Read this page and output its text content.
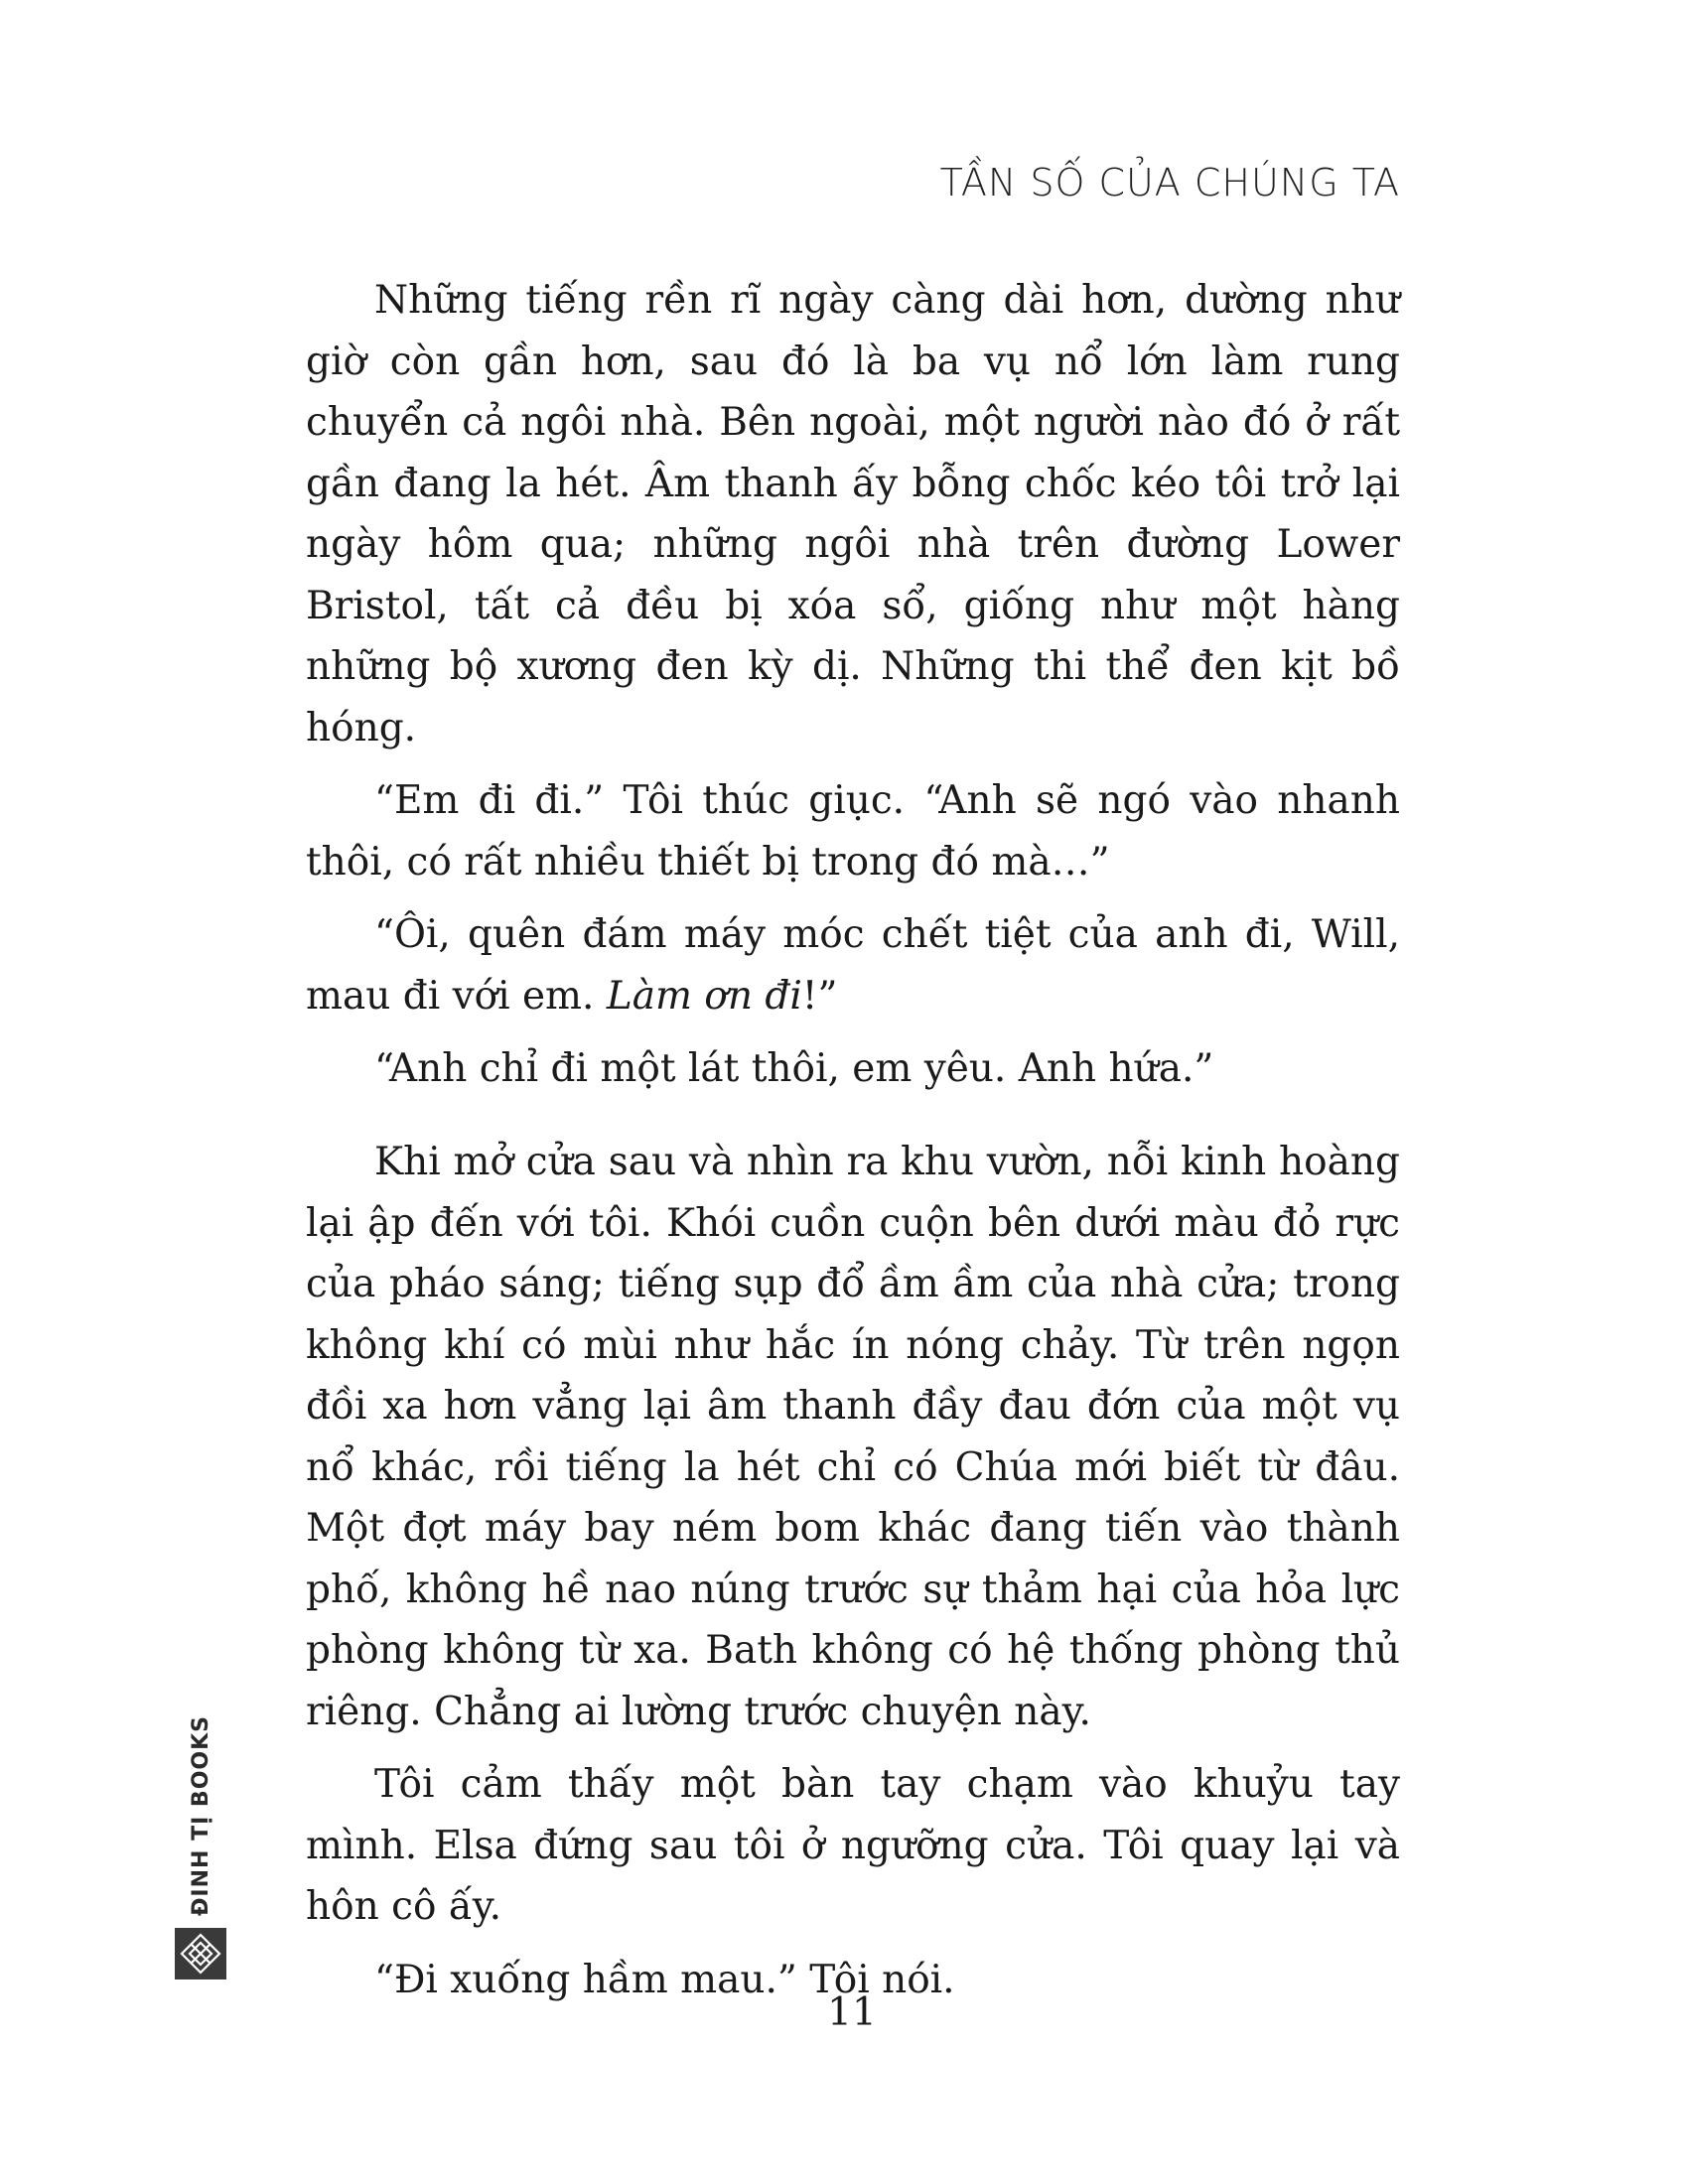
TẦN SỐ CỦA CHÚNG TA

Những tiếng rền rĩ ngày càng dài hơn, dường như giờ còn gần hơn, sau đó là ba vụ nổ lớn làm rung chuyển cả ngôi nhà. Bên ngoài, một người nào đó ở rất gần đang la hét. Âm thanh ấy bỗng chốc kéo tôi trở lại ngày hôm qua; những ngôi nhà trên đường Lower Bristol, tất cả đều bị xóa sổ, giống như một hàng những bộ xương đen kỳ dị. Những thi thể đen kịt bồ hóng.

“Em đi đi.” Tôi thúc giục. “Anh sẽ ngó vào nhanh thôi, có rất nhiều thiết bị trong đó mà…”

“Ôi, quên đám máy móc chết tiệt của anh đi, Will, mau đi với em. Làm ơn đi!”

“Anh chỉ đi một lát thôi, em yêu. Anh hứa.”

Khi mở cửa sau và nhìn ra khu vườn, nỗi kinh hoàng lại ập đến với tôi. Khói cuồn cuộn bên dưới màu đỏ rực của pháo sáng; tiếng sụp đổ ầm ầm của nhà cửa; trong không khí có mùi như hắc ín nóng chảy. Từ trên ngọn đồi xa hơn vẳng lại âm thanh đầy đau đớn của một vụ nổ khác, rồi tiếng la hét chỉ có Chúa mới biết từ đâu. Một đợt máy bay ném bom khác đang tiến vào thành phố, không hề nao núng trước sự thảm hại của hỏa lực phòng không từ xa. Bath không có hệ thống phòng thủ riêng. Chẳng ai lường trước chuyện này.

Tôi cảm thấy một bàn tay chạm vào khuỷu tay mình. Elsa đứng sau tôi ở ngưỡng cửa. Tôi quay lại và hôn cô ấy.

“Đi xuống hầm mau.” Tôi nói.

ĐINH TỊ BOOKS
11
